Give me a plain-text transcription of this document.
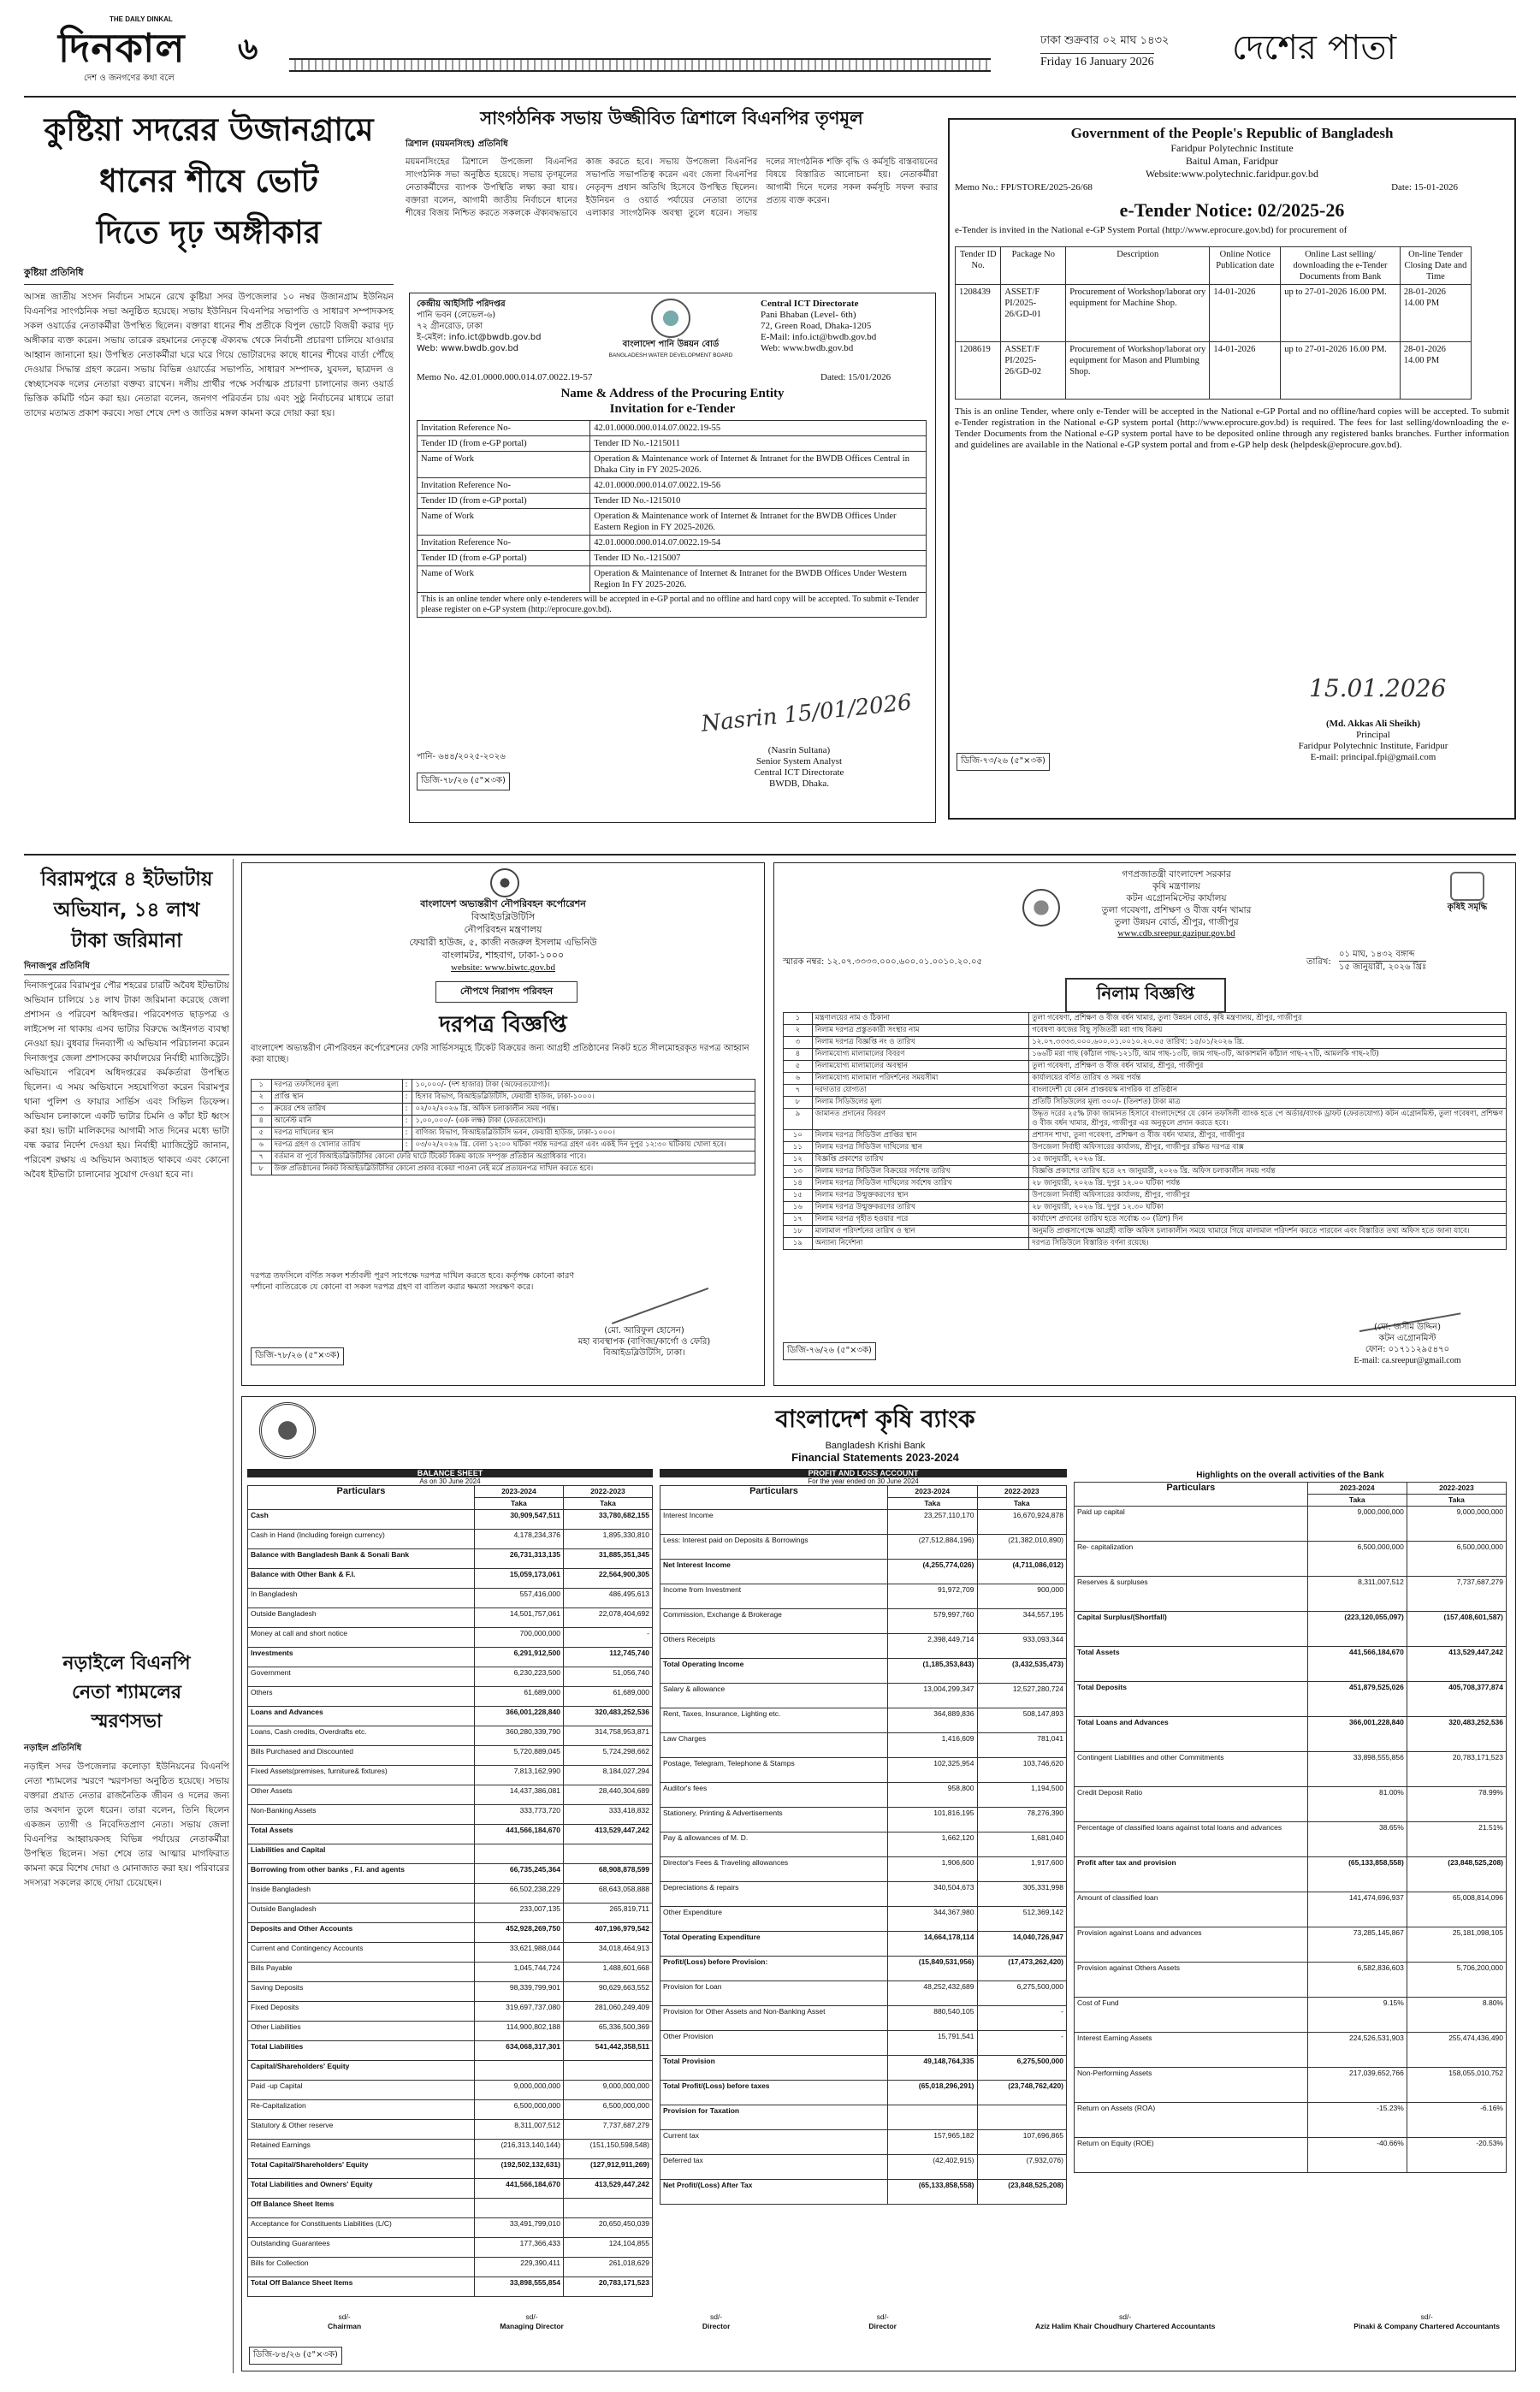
দিনকাল
THE DAILY DINKAL
দেশ ও জনগণের কথা বলে
৬	ঢাকা শুক্রবার ০২ মাঘ ১৪৩২
Friday 16 January 2026 দেশের পাতা
কুষ্টিয়া সদরের উজানগ্রামে
ধানের শীষে ভোট
দিতে দৃঢ় অঙ্গীকার
কুষ্টিয়া প্রতিনিধি
আসন্ন জাতীয় সংসদ নির্বাচন সামনে রেখে কুষ্টিয়া সদর উপজেলার ১০ নম্বর উজানগ্রাম ইউনিয়ন বিএনপির সাংগঠনিক সভা অনুষ্ঠিত হয়েছে। সভায় ইউনিয়ন বিএনপির সভাপতি ও সাধারণ সম্পাদকসহ সকল ওয়ার্ডের নেতাকর্মীরা উপস্থিত ছিলেন। বক্তারা ধানের শীষ প্রতীকে বিপুল ভোটে বিজয়ী করার দৃঢ় অঙ্গীকার ব্যক্ত করেন। সভায় তারেক রহমানের নেতৃত্বে ঐক্যবদ্ধ থেকে নির্বাচনী প্রচারণা চালিয়ে যাওয়ার আহ্বান জানানো হয়। উপস্থিত নেতাকর্মীরা ঘরে ঘরে গিয়ে ভোটারদের কাছে ধানের শীষের বার্তা পৌঁছে দেওয়ার সিদ্ধান্ত গ্রহণ করেন। সভায় বিভিন্ন ওয়ার্ডের সভাপতি, সাধারণ সম্পাদক, যুবদল, ছাত্রদল ও স্বেচ্ছাসেবক দলের নেতারা বক্তব্য রাখেন। দলীয় প্রার্থীর পক্ষে সর্বাত্মক প্রচারণা চালানোর জন্য ওয়ার্ড ভিত্তিক কমিটি গঠন করা হয়। নেতারা বলেন, জনগণ পরিবর্তন চায় এবং সুষ্ঠু নির্বাচনের মাধ্যমে তারা তাদের মতামত প্রকাশ করবে। সভা শেষে দেশ ও জাতির মঙ্গল কামনা করে দোয়া করা হয়।
সাংগঠনিক সভায় উজ্জীবিত ত্রিশালে বিএনপির তৃণমূল
ত্রিশাল (ময়মনসিংহ) প্রতিনিধি
ময়মনসিংহের ত্রিশালে উপজেলা বিএনপির সাংগঠনিক সভা অনুষ্ঠিত হয়েছে। সভায় তৃণমূলের নেতাকর্মীদের ব্যাপক উপস্থিতি লক্ষ্য করা যায়। বক্তারা বলেন, আগামী জাতীয় নির্বাচনে ধানের শীষের বিজয় নিশ্চিত করতে সকলকে ঐক্যবদ্ধভাবে কাজ করতে হবে। সভায় উপজেলা বিএনপির সভাপতি সভাপতিত্ব করেন এবং জেলা বিএনপির নেতৃবৃন্দ প্রধান অতিথি হিসেবে উপস্থিত ছিলেন। ইউনিয়ন ও ওয়ার্ড পর্যায়ের নেতারা তাদের এলাকার সাংগঠনিক অবস্থা তুলে ধরেন। সভায় দলের সাংগঠনিক শক্তি বৃদ্ধি ও কর্মসূচি বাস্তবায়নের বিষয়ে বিস্তারিত আলোচনা হয়। নেতাকর্মীরা আগামী দিনে দলের সকল কর্মসূচি সফল করার প্রত্যয় ব্যক্ত করেন।
কেন্দ্রীয় আইসিটি পরিদপ্তর
পানি ভবন (লেভেল-৬)
৭২ গ্রীনরোড, ঢাকা
ই-মেইল: info.ict@bwdb.gov.bd
Web: www.bwdb.gov.bd	বাংলাদেশ পানি উন্নয়ন বোর্ড
BANGLADESH WATER DEVELOPMENT BOARD
Central ICT Directorate
Pani Bhaban (Level- 6th)
72, Green Road, Dhaka-1205
E-Mail: info.ict@bwdb.gov.bd
Web: www.bwdb.gov.bd
Memo No. 42.01.0000.000.014.07.0022.19-57	Dated: 15/01/2026
Name & Address of the Procuring Entity
Invitation for e-Tender
Invitation Reference No-	42.01.0000.000.014.07.0022.19-55
Tender ID (from e-GP portal)	Tender ID No.-1215011
Name of Work	Operation & Maintenance work of Internet & Intranet for the BWDB Offices Central in Dhaka City in FY 2025-2026.
Invitation Reference No-	42.01.0000.000.014.07.0022.19-56
Tender ID (from e-GP portal)	Tender ID No.-1215010
Name of Work	Operation & Maintenance work of Internet & Intranet for the BWDB Offices Under Eastern Region in FY 2025-2026.
Invitation Reference No-	42.01.0000.000.014.07.0022.19-54
Tender ID (from e-GP portal)	Tender ID No.-1215007
Name of Work	Operation & Maintenance of Internet & Intranet for the BWDB Offices Under Western Region In FY 2025-2026.
This is an online tender where only e-tenderers will be accepted in e-GP portal and no offline and hard copy will be accepted. To submit e-Tender please register on e-GP system (http://eprocure.gov.bd).
Nasrin 15/01/2026
(Nasrin Sultana)
Senior System Analyst
Central ICT Directorate
BWDB, Dhaka.
পানি- ৬৪৪/২০২৫-২০২৬
ডিজি-৭৮/২৬ (৫"×৩ক)
Government of the People's Republic of Bangladesh
Faridpur Polytechnic Institute
Baitul Aman, Faridpur
Website:www.polytechnic.faridpur.gov.bd
Memo No.: FPI/STORE/2025-26/68	Date: 15-01-2026
e-Tender Notice: 02/2025-26
e-Tender is invited in the National e-GP System Portal (http://www.eprocure.gov.bd) for procurement of
Tender ID No.	Package No	Description	Online Notice Publication date	Online Last selling/ downloading the e-Tender Documents from Bank	On-line Tender Closing Date and Time
1208439	ASSET/F PI/2025-26/GD-01	Procurement of Workshop/laborat ory equipment for Machine Shop.	14-01-2026	up to 27-01-2026 16.00 PM.	28-01-2026 14.00 PM
1208619	ASSET/F PI/2025-26/GD-02	Procurement of Workshop/laborat ory equipment for Mason and Plumbing Shop.	14-01-2026	up to 27-01-2026 16.00 PM.	28-01-2026 14.00 PM
This is an online Tender, where only e-Tender will be accepted in the National e-GP Portal and no offline/hard copies will be accepted. To submit e-Tender registration in the National e-GP system portal (http://www.eprocure.gov.bd) is required. The fees for last selling/downloading the e-Tender Documents from the National e-GP system portal have to be deposited online through any registered banks branches. Further information and guidelines are available in the National e-GP system portal and from e-GP help desk (helpdesk@eprocure.gov.bd).
15.01.2026
(Md. Akkas Ali Sheikh)
Principal
Faridpur Polytechnic Institute, Faridpur
E-mail: principal.fpi@gmail.com
ডিজি-৭৩/২৬ (৫"×৩ক)
বিরামপুরে ৪ ইটভাটায়
অভিযান, ১৪ লাখ
টাকা জরিমানা
দিনাজপুর প্রতিনিধি
দিনাজপুরের বিরামপুর পৌর শহরের চারটি অবৈধ ইটভাটায় অভিযান চালিয়ে ১৪ লাখ টাকা জরিমানা করেছে জেলা প্রশাসন ও পরিবেশ অধিদপ্তর। পরিবেশগত ছাড়পত্র ও লাইসেন্স না থাকায় এসব ভাটার বিরুদ্ধে আইনগত ব্যবস্থা নেওয়া হয়। বুধবার দিনব্যাপী এ অভিযান পরিচালনা করেন দিনাজপুর জেলা প্রশাসকের কার্যালয়ের নির্বাহী ম্যাজিস্ট্রেট। অভিযানে পরিবেশ অধিদপ্তরের কর্মকর্তারা উপস্থিত ছিলেন। এ সময় অভিযানে সহযোগিতা করেন বিরামপুর থানা পুলিশ ও ফায়ার সার্ভিস এবং সিভিল ডিফেন্স। অভিযান চলাকালে একটি ভাটার চিমনি ও কাঁচা ইট ধ্বংস করা হয়। ভাটা মালিকদের আগামী সাত দিনের মধ্যে ভাটা বন্ধ করার নির্দেশ দেওয়া হয়। নির্বাহী ম্যাজিস্ট্রেট জানান, পরিবেশ রক্ষায় এ অভিযান অব্যাহত থাকবে এবং কোনো অবৈধ ইটভাটা চালানোর সুযোগ দেওয়া হবে না।
নড়াইলে বিএনপি
নেতা শ্যামলের
স্মরণসভা
নড়াইল প্রতিনিধি
নড়াইল সদর উপজেলার কলোড়া ইউনিয়নের বিএনপি নেতা শ্যামলের স্মরণে স্মরণসভা অনুষ্ঠিত হয়েছে। সভায় বক্তারা প্রয়াত নেতার রাজনৈতিক জীবন ও দলের জন্য তার অবদান তুলে ধরেন। তারা বলেন, তিনি ছিলেন একজন ত্যাগী ও নিবেদিতপ্রাণ নেতা। সভায় জেলা বিএনপির আহ্বায়কসহ বিভিন্ন পর্যায়ের নেতাকর্মীরা উপস্থিত ছিলেন। সভা শেষে তার আত্মার মাগফিরাত কামনা করে বিশেষ দোয়া ও মোনাজাত করা হয়। পরিবারের সদস্যরা সকলের কাছে দোয়া চেয়েছেন।
বাংলাদেশ অভ্যন্তরীণ নৌপরিবহন কর্পোরেশন
বিআইডব্লিউটিসি
নৌপরিবহন মন্ত্রণালয়
ফেয়ারী হাউজ, ৫, কাজী নজরুল ইসলাম এভিনিউ
বাংলামটর, শাহবাগ, ঢাকা-১০০০
website: www.biwtc.gov.bd
নৌপথে নিরাপদ পরিবহন
দরপত্র বিজ্ঞপ্তি
বাংলাদেশ অভ্যন্তরীণ নৌপরিবহন কর্পোরেশনের ফেরি সার্ভিসসমূহে টিকেট বিক্রয়ের জন্য আগ্রহী প্রতিষ্ঠানের নিকট হতে সীলমোহরকৃত দরপত্র আহ্বান করা যাচ্ছে।
১	দরপত্র তফসিলের মূল্য	:	১০,০০০/- (দশ হাজার) টাকা (অফেরতযোগ্য)।
২	প্রাপ্তি স্থান	:	হিসাব বিভাগ, বিআইডব্লিউটিসি, ফেয়ারী হাউজ, ঢাকা-১০০০।
৩	ক্রয়ের শেষ তারিখ	:	০২/০২/২০২৬ খ্রি. অফিস চলাকালীন সময় পর্যন্ত।
৪	আর্নেস্ট মানি	:	১,০০,০০০/- (এক লক্ষ) টাকা (ফেরতযোগ্য)।
৫	দরপত্র দাখিলের স্থান	:	বাণিজ্য বিভাগ, বিআইডব্লিউটিসি ভবন, ফেয়ারী হাউজ, ঢাকা-১০০০।
৬	দরপত্র গ্রহণ ও খোলার তারিখ	:	০৩/০২/২০২৬ খ্রি. বেলা ১২:০০ ঘটিকা পর্যন্ত দরপত্র গ্রহণ এবং একই দিন দুপুর ১২:৩০ ঘটিকায় খোলা হবে।
৭	বর্তমান বা পূর্বে বিআইডব্লিউটিসির কোনো ফেরি ঘাটে টিকেট বিক্রয় কাজে সম্পৃক্ত প্রতিষ্ঠান অগ্রাধিকার পাবে।		
৮	উক্ত প্রতিষ্ঠানের নিকট বিআইডব্লিউটিসির কোনো প্রকার বকেয়া পাওনা নেই মর্মে প্রত্যয়নপত্র দাখিল করতে হবে।		
দরপত্র তফসিলে বর্ণিত সকল শর্তাবলী পূরণ সাপেক্ষে দরপত্র দাখিল করতে হবে। কর্তৃপক্ষ কোনো কারণ দর্শানো ব্যতিরেকে যে কোনো বা সকল দরপত্র গ্রহণ বা বাতিল করার ক্ষমতা সংরক্ষণ করে।
(মো. আরিফুল হোসেন)
মহা ব্যবস্থাপক (বাণিজ্য/কার্গো ও ফেরি)
বিআইডব্লিউটিসি, ঢাকা।
ডিজি-৭৮/২৬ (৫"×৩ক)
গণপ্রজাতন্ত্রী বাংলাদেশ সরকার
কৃষি মন্ত্রণালয়
কটন এগ্রোনমিস্টের কার্যালয়
তুলা গবেষণা, প্রশিক্ষণ ও বীজ বর্ধন খামার
তুলা উন্নয়ন বোর্ড, শ্রীপুর, গাজীপুর
www.cdb.sreepur.gazipur.gov.bd
কৃষিই সমৃদ্ধি
স্মারক নম্বর: ১২.০৭.৩৩৩৩.০০০.৬০০.০১.০০১০.২০.০৫	তারিখ:
০১ মাঘ, ১৪৩২ বঙ্গাব্দ
১৫ জানুয়ারী, ২০২৬ খ্রিঃ
নিলাম বিজ্ঞপ্তি
১	মন্ত্রণালয়ের নাম ও ঠিকানা	তুলা গবেষণা, প্রশিক্ষণ ও বীজ বর্ধন খামার, তুলা উন্নয়ন বোর্ড, কৃষি মন্ত্রণালয়, শ্রীপুর, গাজীপুর
২	নিলাম দরপত্র প্রস্তুতকারী সংস্থার নাম	গবেষণা কাজের বিছু সৃজিতরী মরা গাছ বিক্রয়
৩	নিলাম দরপত্র বিজ্ঞপ্তি নং ও তারিখ	১২.০৭.৩৩৩৩.০০০.৬০০.০১.০০১০.২০.০৫ তারিখ: ১৫/০১/২০২৬ খ্রি.
৪	নিলামযোগ্য মালামালের বিবরণ	১৬৬টি মরা গাছ (কাঁঠাল গাছ-১২১টি, আম গাছ-১৩টি, জাম গাছ-৩টি, আকাশমনি কাঁঠাল গাছ-২৭টি, আমলকি গাছ-২টি)
৫	নিলামযোগ্য মালামালের অবস্থান	তুলা গবেষণা, প্রশিক্ষণ ও বীজ বর্ধন খামার, শ্রীপুর, গাজীপুর
৬	নিলামযোগ্য মালামাল পরিদর্শনের সময়সীমা	কার্যালয়ের বর্ণিত তারিখ ও সময় পর্যন্ত
৭	দরদাতার যোগ্যতা	বাংলাদেশী যে কোন প্রাপ্তবয়স্ক নাগরিক বা প্রতিষ্ঠান
৮	নিলাম সিডিউলের মূল্য	প্রতিটি সিডিউলের মূল্য ৩০০/- (তিনশত) টাকা মাত্র
৯	জামানত প্রদানের বিবরণ	উদ্ধৃত দরের ২৫% টাকা জামানত হিসাবে বাংলাদেশের যে কোন তফসিলী ব্যাংক হতে পে অর্ডার/ব্যাংক ড্রাফট (ফেরতযোগ্য) কটন এগ্রোনমিস্ট, তুলা গবেষণা, প্রশিক্ষণ ও বীজ বর্ধন খামার, শ্রীপুর, গাজীপুর এর অনুকূলে প্রদান করতে হবে।
১০	নিলাম দরপত্র সিডিউল প্রাপ্তির স্থান	প্রশাসন শাখা, তুলা গবেষণা, প্রশিক্ষণ ও বীজ বর্ধন খামার, শ্রীপুর, গাজীপুর
১১	নিলাম দরপত্র সিডিউল দাখিলের স্থান	উপজেলা নির্বাহী অফিসারের কার্যালয়, শ্রীপুর, গাজীপুর রক্ষিত দরপত্র বাক্স
১২	বিজ্ঞপ্তি প্রকাশের তারিখ	১৫ জানুয়ারী, ২০২৬ খ্রি.
১৩	নিলাম দরপত্র সিডিউল বিক্রয়ের সর্বশেষ তারিখ	বিজ্ঞপ্তি প্রকাশের তারিখ হতে ২৭ জানুয়ারী, ২০২৬ খ্রি. অফিস চলাকালীন সময় পর্যন্ত
১৪	নিলাম দরপত্র সিডিউল দাখিলের সর্বশেষ তারিখ	২৮ জানুয়ারী, ২০২৬ খ্রি. দুপুর ১২.০০ ঘটিকা পর্যন্ত
১৫	নিলাম দরপত্র উন্মুক্তকরণের স্থান	উপজেলা নির্বাহী অফিসারের কার্যালয়, শ্রীপুর, গাজীপুর
১৬	নিলাম দরপত্র উন্মুক্তকরণের তারিখ	২৮ জানুয়ারী, ২০২৬ খ্রি. দুপুর ১২.৩০ ঘটিকা
১৭	নিলাম দরপত্র গৃহীত হওয়ার পরে	কার্যাদেশ প্রদানের তারিখ হতে সর্বোচ্চ ৩০ (ত্রিশ) দিন
১৮	মালামাল পরিদর্শনের তারিখ ও স্থান	অনুমতি প্রাপ্তসাপেক্ষে আগ্রহী ব্যক্তি অফিস চলাকালীন সময়ে খামারে গিয়ে মালামাল পরিদর্শন করতে পারবেন এবং বিস্তারিত তথ্য অফিস হতে জানা যাবে।
১৯	অন্যান্য নির্দেশনা	দরপত্র সিডিউলে বিস্তারিত বর্ণনা রয়েছে।
(মো: জসীম উদ্দিন)
কটন এগ্রোনমিস্ট
ফোন: ০১৭১১২৯৫৪৭০
E-mail: ca.sreepur@gmail.com
ডিজি-৭৬/২৬ (৫"×৩ক)
বাংলাদেশ কৃষি ব্যাংক
Bangladesh Krishi Bank
Financial Statements 2023-2024
BALANCE SHEET
As on 30 June 2024
Particulars	2023-2024	2022-2023
	Taka	Taka
Cash	30,909,547,511	33,780,682,155
Cash in Hand (Including foreign currency)	4,178,234,376	1,895,330,810
Balance with Bangladesh Bank & Sonali Bank	26,731,313,135	31,885,351,345
Balance with Other Bank & F.I.	15,059,173,061	22,564,900,305
In Bangladesh	557,416,000	486,495,613
Outside Bangladesh	14,501,757,061	22,078,404,692
Money at call and short notice	700,000,000	-
Investments	6,291,912,500	112,745,740
Government	6,230,223,500	51,056,740
Others	61,689,000	61,689,000
Loans and Advances	366,001,228,840	320,483,252,536
Loans, Cash credits, Overdrafts etc.	360,280,339,790	314,758,953,871
Bills Purchased and Discounted	5,720,889,045	5,724,298,662
Fixed Assets(premises, furniture& fixtures)	7,813,162,990	8,184,027,294
Other Assets	14,437,386,081	28,440,304,689
Non-Banking Assets	333,773,720	333,418,832
Total Assets	441,566,184,670	413,529,447,242
Liabilities and Capital		
Borrowing from other banks , F.I. and agents	66,735,245,364	68,908,878,599
Inside Bangladesh	66,502,238,229	68,643,058,888
Outside Bangladesh	233,007,135	265,819,711
Deposits and Other Accounts	452,928,269,750	407,196,979,542
Current and Contingency Accounts	33,621,988,044	34,018,464,913
Bills Payable	1,045,744,724	1,488,601,668
Saving Deposits	98,339,799,901	90,629,663,552
Fixed Deposits	319,697,737,080	281,060,249,409
Other Liabilities	114,900,802,188	65,336,500,369
Total Liabilities	634,068,317,301	541,442,358,511
Capital/Shareholders' Equity		
Paid -up Capital	9,000,000,000	9,000,000,000
Re-Capitalization	6,500,000,000	6,500,000,000
Statutory & Other reserve	8,311,007,512	7,737,687,279
Retained Earnings	(216,313,140,144)	(151,150,598,548)
Total Capital/Shareholders' Equity	(192,502,132,631)	(127,912,911,269)
Total Liabilities and Owners' Equity	441,566,184,670	413,529,447,242
Off Balance Sheet Items		
Acceptance for Constituents Liabilities (L/C)	33,491,799,010	20,650,450,039
Outstanding Guarantees	177,366,433	124,104,855
Bills for Collection	229,390,411	261,018,629
Total Off Balance Sheet Items	33,898,555,854	20,783,171,523
PROFIT AND LOSS ACCOUNT
For the year ended on 30 June 2024
Particulars	2023-2024	2022-2023
	Taka	Taka
Interest Income	23,257,110,170	16,670,924,878
Less: Interest paid on Deposits & Borrowings	(27,512,884,196)	(21,382,010,890)
Net Interest Income	(4,255,774,026)	(4,711,086,012)
Income from Investment	91,972,709	900,000
Commission, Exchange & Brokerage	579,997,760	344,557,195
Others Receipts	2,398,449,714	933,093,344
Total Operating Income	(1,185,353,843)	(3,432,535,473)
Salary & allowance	13,004,299,347	12,527,280,724
Rent, Taxes, Insurance, Lighting etc.	364,889,836	508,147,893
Law Charges	1,416,609	781,041
Postage, Telegram, Telephone & Stamps	102,325,954	103,746,620
Auditor's fees	958,800	1,194,500
Stationery, Printing & Advertisements	101,816,195	78,276,390
Pay & allowances of M. D.	1,662,120	1,681,040
Director's Fees & Traveling allowances	1,906,600	1,917,600
Depreciations & repairs	340,504,673	305,331,998
Other Expenditure	344,367,980	512,369,142
Total Operating Expenditure	14,664,178,114	14,040,726,947
Profit/(Loss) before Provision:	(15,849,531,956)	(17,473,262,420)
Provision for Loan	48,252,432,689	6,275,500,000
Provision for Other Assets and Non-Banking Asset	880,540,105	-
Other Provision	15,791,541	-
Total Provision	49,148,764,335	6,275,500,000
Total Profit/(Loss) before taxes	(65,018,296,291)	(23,748,762,420)
Provision for Taxation		
Current tax	157,965,182	107,696,865
Deferred tax	(42,402,915)	(7,932,076)
Net Profit/(Loss) After Tax	(65,133,858,558)	(23,848,525,208)
Highlights on the overall activities of the Bank
Particulars	2023-2024	2022-2023
	Taka	Taka
Paid up capital	9,000,000,000	9,000,000,000
Re- capitalization	6,500,000,000	6,500,000,000
Reserves & surpluses	8,311,007,512	7,737,687,279
Capital Surplus/(Shortfall)	(223,120,055,097)	(157,408,601,587)
Total Assets	441,566,184,670	413,529,447,242
Total Deposits	451,879,525,026	405,708,377,874
Total Loans and Advances	366,001,228,840	320,483,252,536
Contingent Liabilities and other Commitments	33,898,555,856	20,783,171,523
Credit Deposit Ratio	81.00%	78.99%
Percentage of classified loans against total loans and advances	38.65%	21.51%
Profit after tax and provision	(65,133,858,558)	(23,848,525,208)
Amount of classified loan	141,474,696,937	65,008,814,096
Provision against Loans and advances	73,285,145,867	25,181,098,105
Provision against Others Assets	6,582,836,603	5,706,200,000
Cost of Fund	9.15%	8.80%
Interest Earning Assets	224,526,531,903	255,474,436,490
Non-Performing Assets	217,039,652,766	158,055,010,752
Return on Assets (ROA)	-15.23%	-6.16%
Return on Equity (ROE)	-40.66%	-20.53%
sd/-
Chairman
sd/-
Managing Director
sd/-
Director
sd/-
Director
sd/-
Aziz Halim Khair Choudhury Chartered Accountants
sd/-
Pinaki & Company Chartered Accountants
ডিজি-৮৪/২৬ (৫"×৩ক)
